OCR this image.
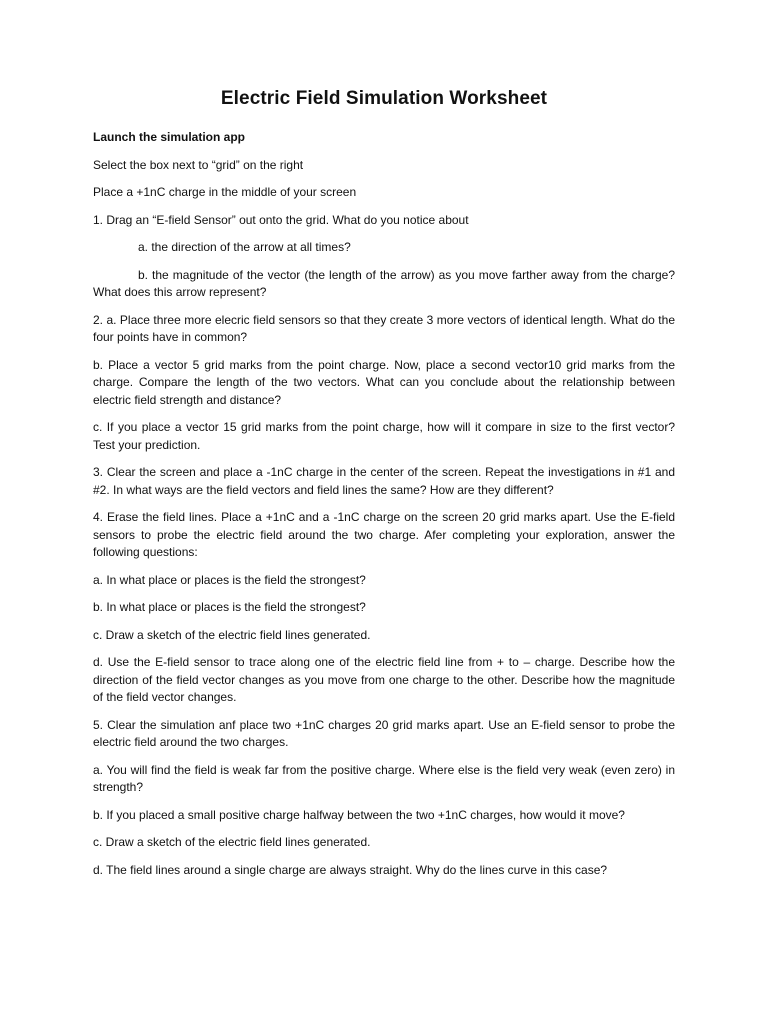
Electric Field Simulation Worksheet
Launch the simulation app
Select the box next to “grid” on the right
Place a +1nC charge in the middle of your screen
1. Drag an “E-field Sensor” out onto the grid. What do you notice about
a. the direction of the arrow at all times?
b. the magnitude of the vector (the length of the arrow) as you move farther away from the charge? What does this arrow represent?
2. a. Place three more elecric field sensors so that they create 3 more vectors of identical length. What do the four points have in common?
b. Place a vector 5 grid marks from the point charge. Now, place a second vector10 grid marks from the charge. Compare the length of the two vectors. What can you conclude about the relationship between electric field strength and distance?
c. If you place a vector 15 grid marks from the point charge, how will it compare in size to the first vector? Test your prediction.
3. Clear the screen and place a -1nC charge in the center of the screen. Repeat the investigations in #1 and #2. In what ways are the field vectors and field lines the same? How are they different?
4. Erase the field lines. Place a +1nC and a -1nC charge on the screen 20 grid marks apart. Use the E-field sensors to probe the electric field around the two charge. Afer completing your exploration, answer the following questions:
a. In what place or places is the field the strongest?
b. In what place or places is the field the strongest?
c. Draw a sketch of the electric field lines generated.
d. Use the E-field sensor to trace along one of the electric field line from + to – charge. Describe how the direction of the field vector changes as you move from one charge to the other. Describe how the magnitude of the field vector changes.
5. Clear the simulation anf place two +1nC charges 20 grid marks apart. Use an E-field sensor to probe the electric field around the two charges.
a. You will find the field is weak far from the positive charge. Where else is the field very weak (even zero) in strength?
b. If you placed a small positive charge halfway between the two +1nC charges, how would it move?
c. Draw a sketch of the electric field lines generated.
d. The field lines around a single charge are always straight. Why do the lines curve in this case?
